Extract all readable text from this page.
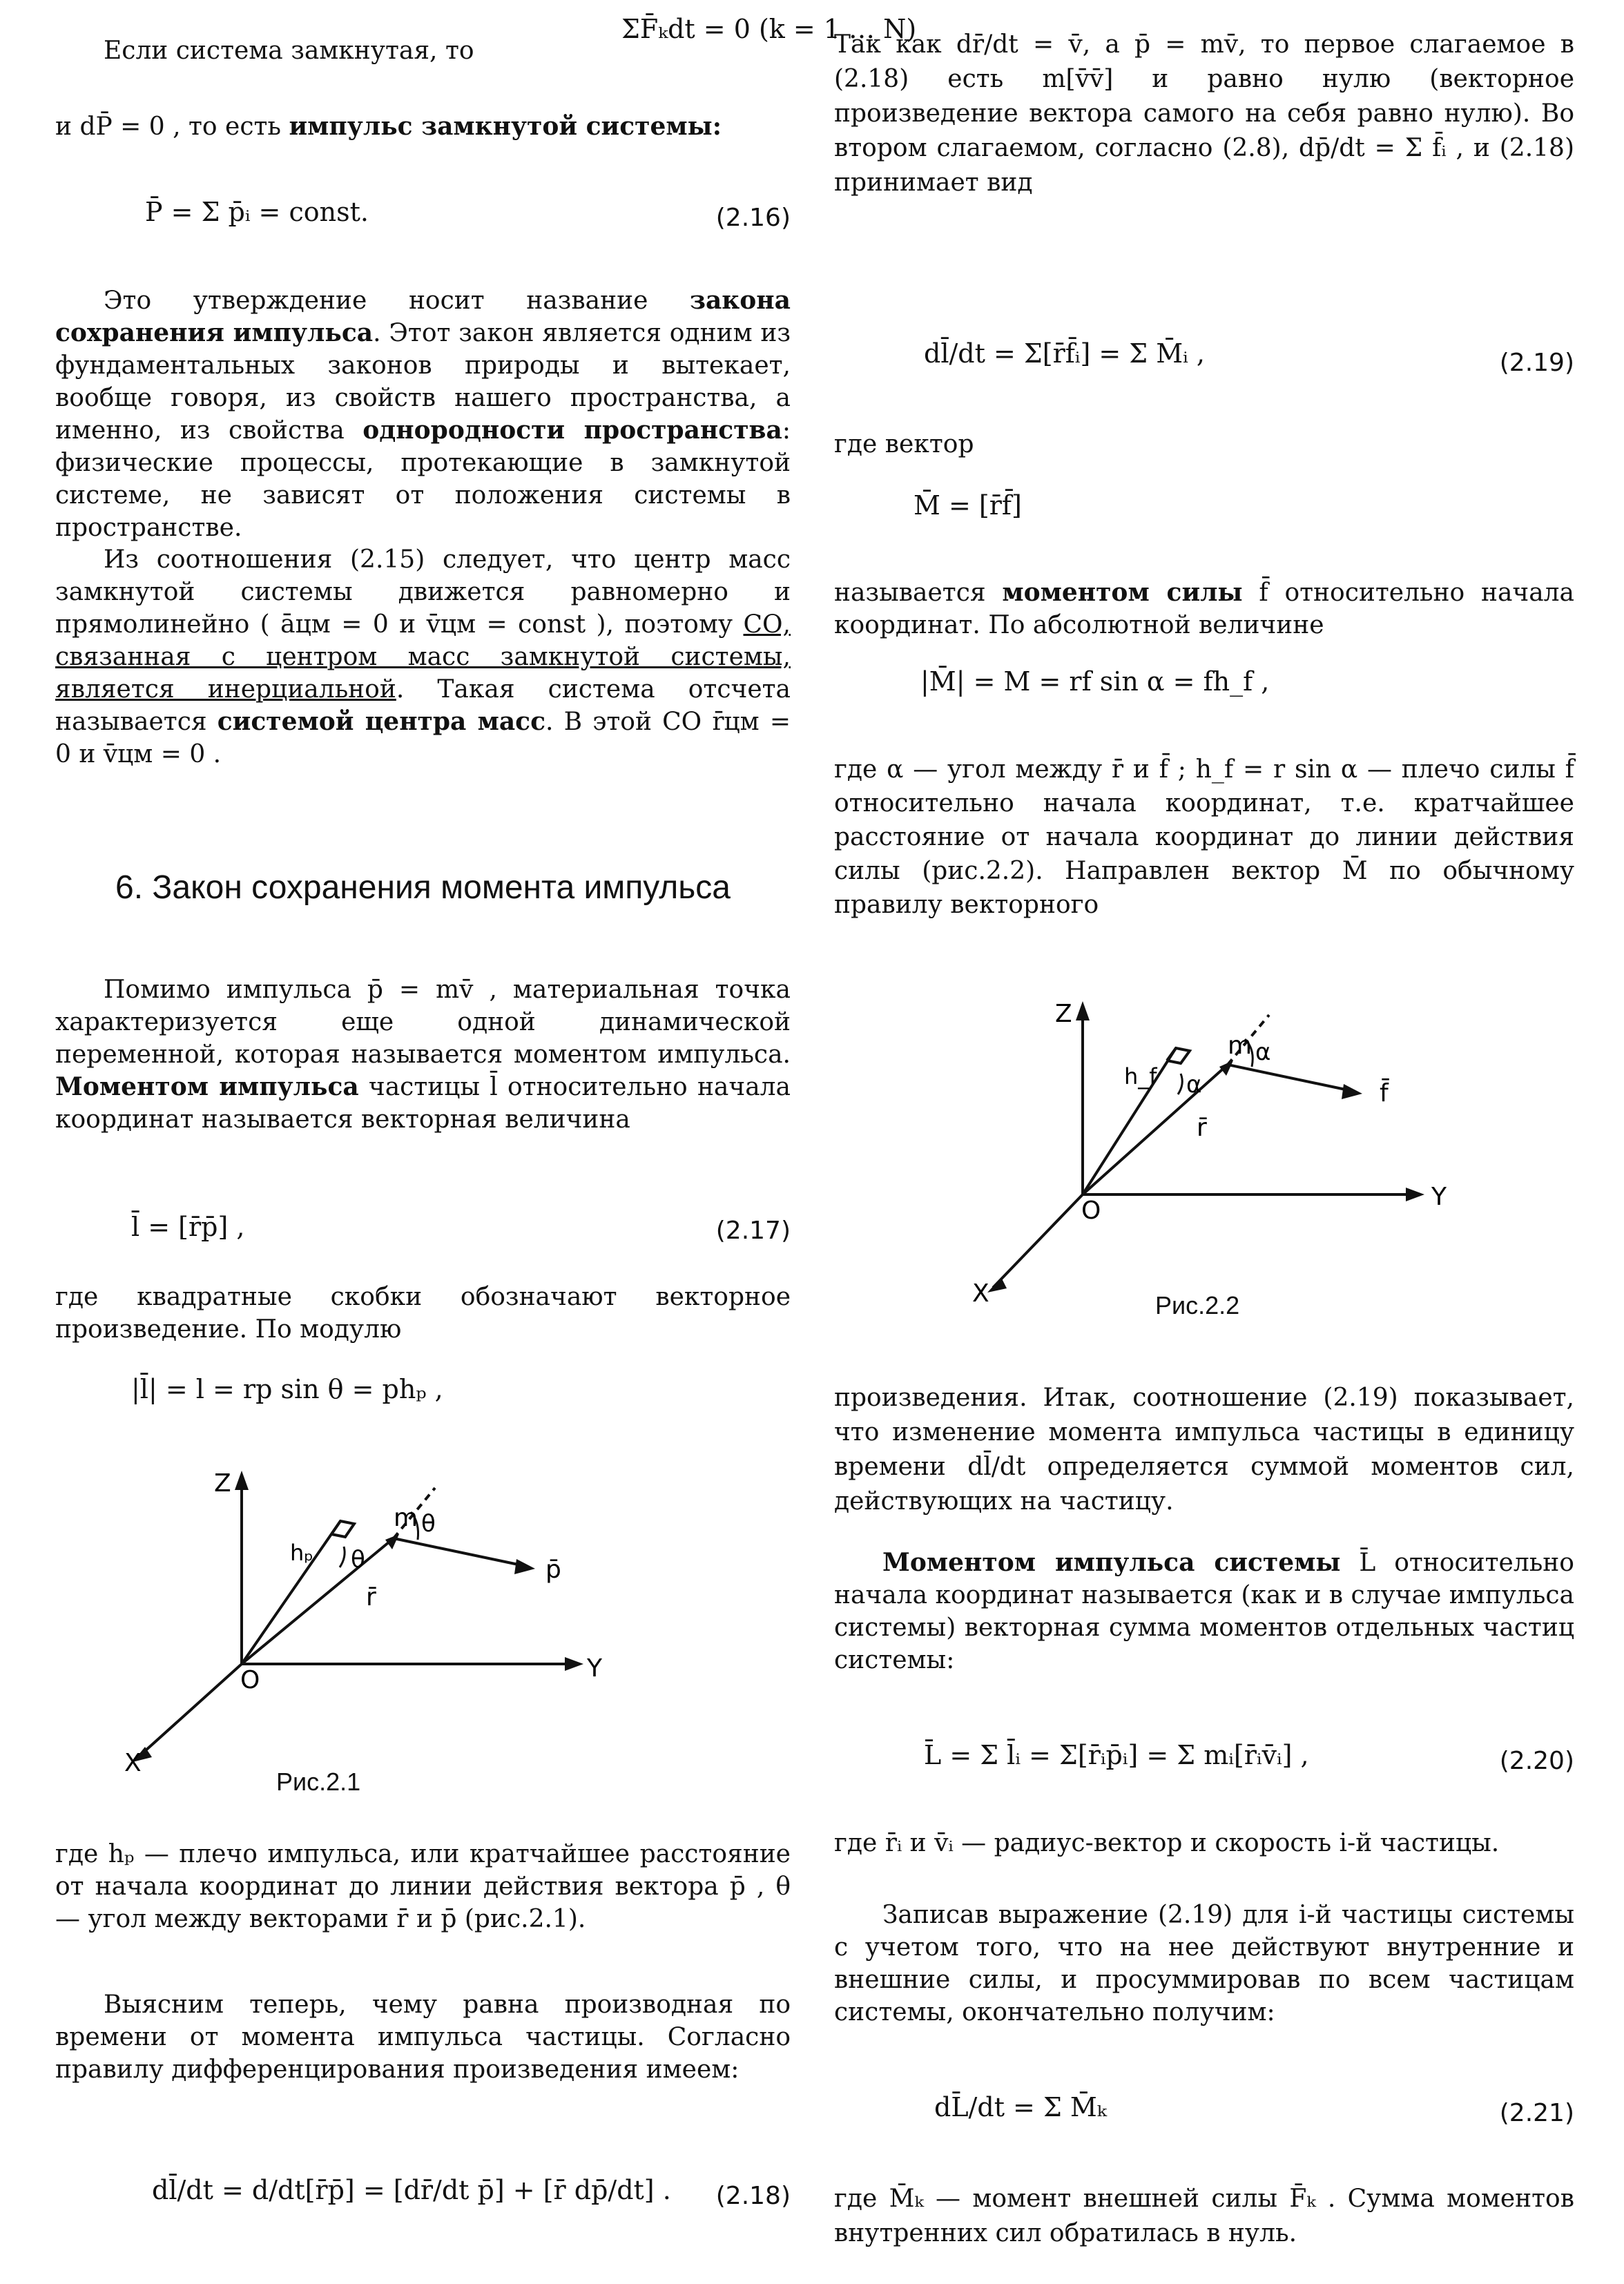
Если система замкнутая, то
ΣF̄ₖdt = 0 (k = 1 … N)
и dP̄ = 0 , то есть импульс замкнутой системы:
P̄ = Σ p̄ᵢ = const.	(2.16)
Это утверждение носит название закона сохранения импульса. Этот закон является одним из фундаментальных законов природы и вытекает, вообще говоря, из свойств нашего пространства, а именно, из свойства однородности пространства: физические процессы, протекающие в замкнутой системе, не зависят от положения системы в пространстве.
Из соотношения (2.15) следует, что центр масс замкнутой системы движется равномерно и прямолинейно ( āцм = 0 и v̄цм = const ), поэтому СО, связанная с центром масс замкнутой системы, является инерциальной. Такая система отсчета называется системой центра масс. В этой СО r̄цм = 0 и v̄цм = 0 .
6. Закон сохранения момента импульса
Помимо импульса p̄ = mv̄ , материальная точка характеризуется еще одной динамической переменной, которая называется моментом импульса. Моментом импульса частицы l̄ относительно начала координат называется векторная величина
l̄ = [r̄p̄] ,	(2.17)
где квадратные скобки обозначают векторное произведение. По модулю
|l̄| = l = rp sin θ = phₚ ,
Z
Y
X
O
m θ
θ	p̄
r̄
hₚ
Рис.2.1
где hₚ — плечо импульса, или кратчайшее расстояние от начала координат до линии действия вектора p̄ , θ — угол между векторами r̄ и p̄ (рис.2.1).
Выясним теперь, чему равна производная по времени от момента импульса частицы. Согласно правилу дифференцирования произведения имеем:
dl̄/dt = d/dt[r̄p̄] = [dr̄/dt p̄] + [r̄ dp̄/dt] . (2.18)
Так как dr̄/dt = v̄, a p̄ = mv̄, то первое слагаемое в (2.18) есть m[v̄v̄] и равно нулю (векторное произведение вектора самого на себя равно нулю). Во втором слагаемом, согласно (2.8), dp̄/dt = Σ f̄ᵢ , и (2.18) принимает вид
dl̄/dt = Σ[r̄f̄ᵢ] = Σ M̄ᵢ ,	(2.19)
где вектор
M̄ = [r̄f̄]
называется моментом силы f̄ относительно начала координат. По абсолютной величине
|M̄| = M = rf sin α = fh_f ,
где α — угол между r̄ и f̄ ; h_f = r sin α — плечо силы f̄ относительно начала координат, т.е. кратчайшее расстояние от начала координат до линии действия силы (рис.2.2). Направлен вектор M̄ по обычному правилу векторного
Z
Y
X
O
m α
α	f̄
r̄
h_f
Рис.2.2
произведения. Итак, соотношение (2.19) показывает, что изменение момента импульса частицы в единицу времени dl̄/dt определяется суммой моментов сил, действующих на частицу.
Моментом импульса системы L̄ относительно начала координат называется (как и в случае импульса системы) векторная сумма моментов отдельных частиц системы:
L̄ = Σ l̄ᵢ = Σ[r̄ᵢp̄ᵢ] = Σ mᵢ[r̄ᵢv̄ᵢ] ,	(2.20)
где r̄ᵢ и v̄ᵢ — радиус-вектор и скорость i-й частицы.
Записав выражение (2.19) для i-й частицы системы с учетом того, что на нее действуют внутренние и внешние силы, и просуммировав по всем частицам системы, окончательно получим:
dL̄/dt = Σ M̄ₖ	(2.21)
где M̄ₖ — момент внешней силы F̄ₖ . Сумма моментов внутренних сил обратилась в нуль.
